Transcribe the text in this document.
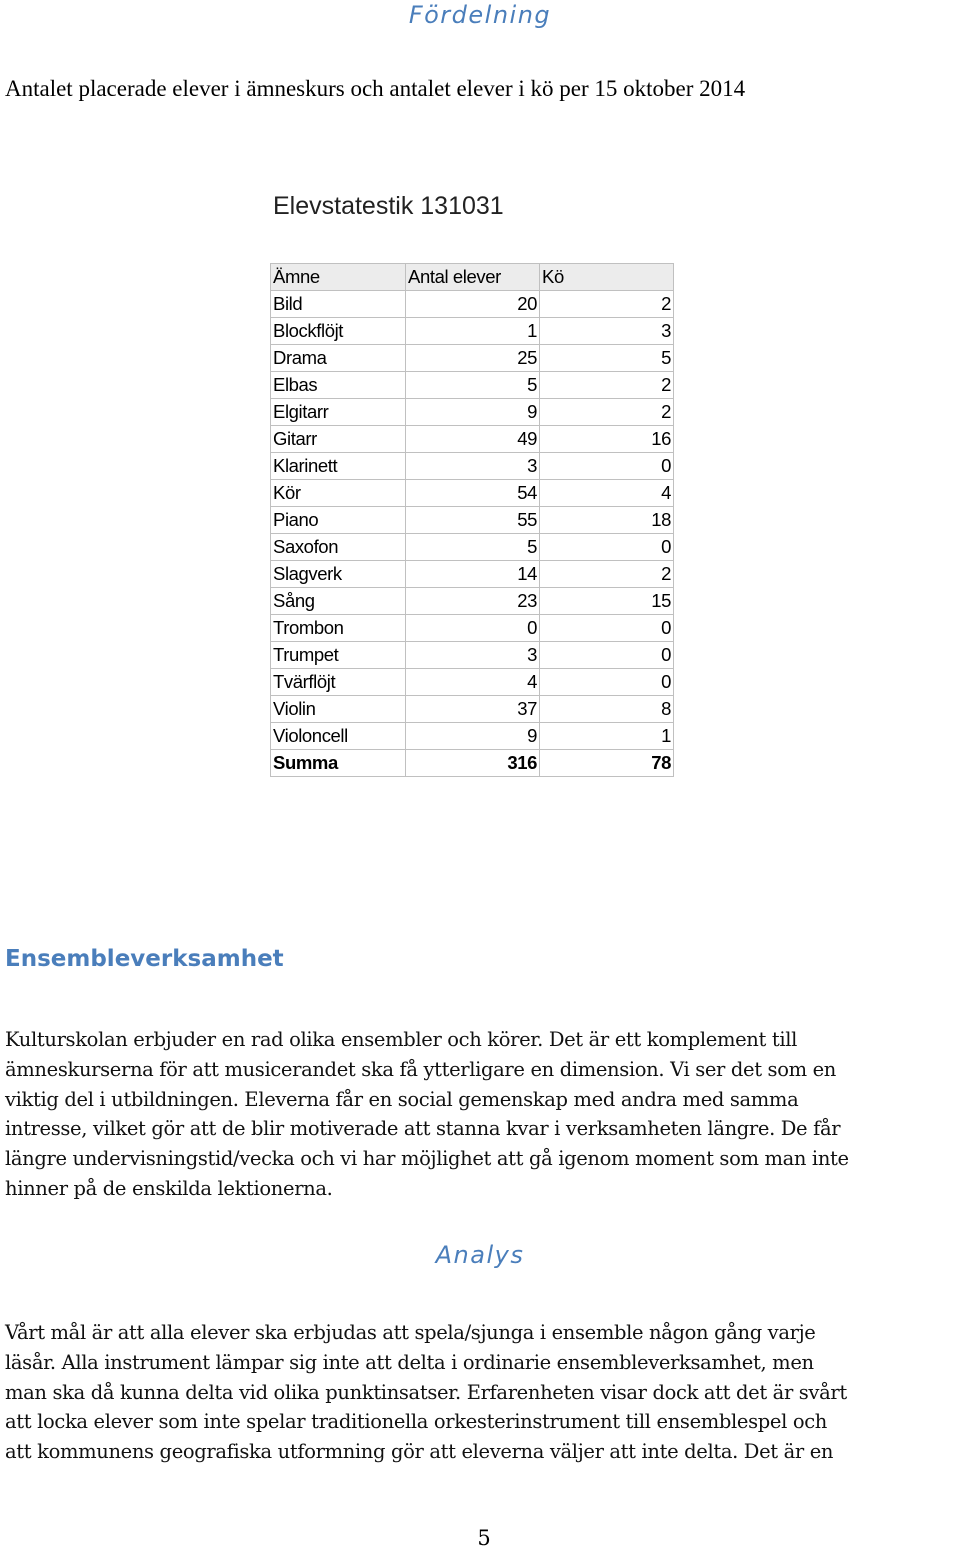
Fördelning
Antalet placerade elever i ämneskurs och antalet elever i kö per 15 oktober 2014
Elevstatestik 131031
Ämne	Antal elever	Kö
Bild	20	2
Blockflöjt	1	3
Drama	25	5
Elbas	5	2
Elgitarr	9	2
Gitarr	49	16
Klarinett	3	0
Kör	54	4
Piano	55	18
Saxofon	5	0
Slagverk	14	2
Sång	23	15
Trombon	0	0
Trumpet	3	0
Tvärflöjt	4	0
Violin	37	8
Violoncell	9	1
Summa	316	78
Ensembleverksamhet
Kulturskolan erbjuder en rad olika ensembler och körer. Det är ett komplement till
ämneskurserna för att musicerandet ska få ytterligare en dimension. Vi ser det som en
viktig del i utbildningen. Eleverna får en social gemenskap med andra med samma
intresse, vilket gör att de blir motiverade att stanna kvar i verksamheten längre. De får
längre undervisningstid/vecka och vi har möjlighet att gå igenom moment som man inte
hinner på de enskilda lektionerna.
Analys
Vårt mål är att alla elever ska erbjudas att spela/sjunga i ensemble någon gång varje
läsår. Alla instrument lämpar sig inte att delta i ordinarie ensembleverksamhet, men
man ska då kunna delta vid olika punktinsatser. Erfarenheten visar dock att det är svårt
att locka elever som inte spelar traditionella orkesterinstrument till ensemblespel och
att kommunens geografiska utformning gör att eleverna väljer att inte delta. Det är en
5
